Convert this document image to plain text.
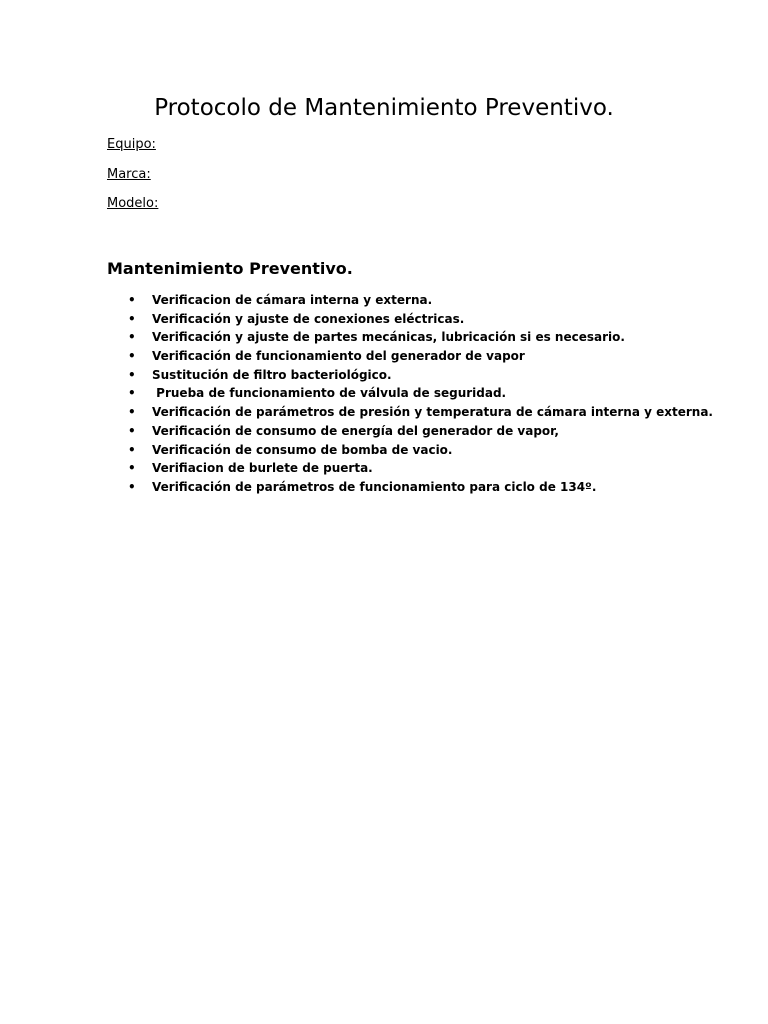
Protocolo de Mantenimiento Preventivo.

Equipo:

Marca:

Modelo:

Mantenimiento Preventivo.
• Verificacion de cámara interna y externa.
• Verificación y ajuste de conexiones eléctricas.
• Verificación y ajuste de partes mecánicas, lubricación si es necesario.
• Verificación de funcionamiento del generador de vapor
• Sustitución de filtro bacteriológico.
• Prueba de funcionamiento de válvula de seguridad.
• Verificación de parámetros de presión y temperatura de cámara interna y externa.
• Verificación de consumo de energía del generador de vapor,
• Verificación de consumo de bomba de vacio.
• Verifiacion de burlete de puerta.
• Verificación de parámetros de funcionamiento para ciclo de 134º.
